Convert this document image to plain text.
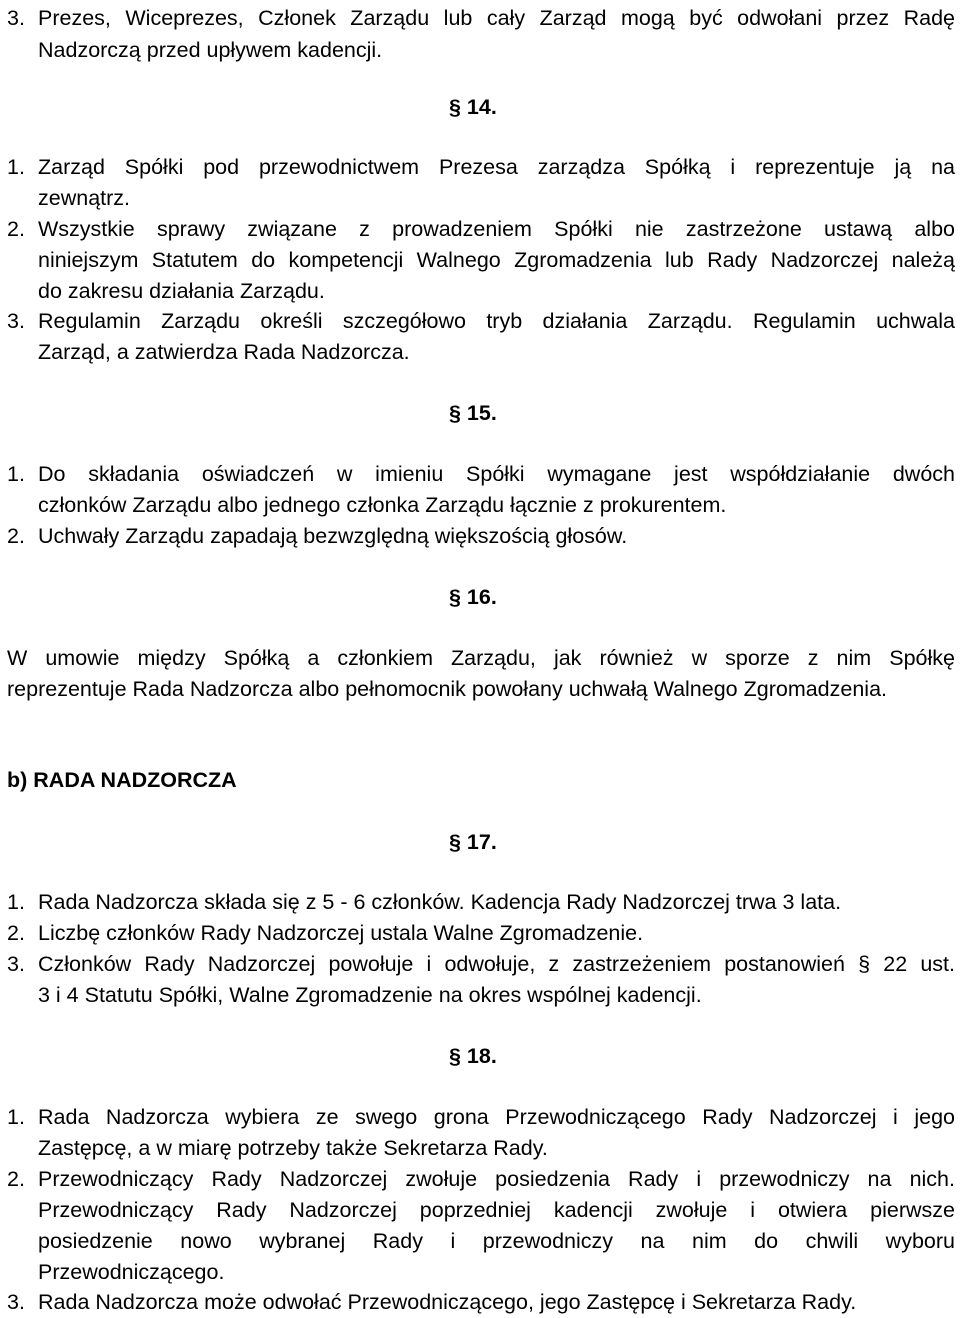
3. Prezes, Wiceprezes, Członek Zarządu lub cały Zarząd mogą być odwołani przez Radę
Nadzorczą przed upływem kadencji.
§ 14.
1. Zarząd Spółki pod przewodnictwem Prezesa zarządza Spółką i reprezentuje ją na
zewnątrz.
2. Wszystkie sprawy związane z prowadzeniem Spółki nie zastrzeżone ustawą albo
niniejszym Statutem do kompetencji Walnego Zgromadzenia lub Rady Nadzorczej należą
do zakresu działania Zarządu.
3. Regulamin Zarządu określi szczegółowo tryb działania Zarządu. Regulamin uchwala
Zarząd, a zatwierdza Rada Nadzorcza.
§ 15.
1. Do składania oświadczeń w imieniu Spółki wymagane jest współdziałanie dwóch
członków Zarządu albo jednego członka Zarządu łącznie z prokurentem.
2. Uchwały Zarządu zapadają bezwzględną większością głosów.
§ 16.
W umowie między Spółką a członkiem Zarządu, jak również w sporze z nim Spółkę
reprezentuje Rada Nadzorcza albo pełnomocnik powołany uchwałą Walnego Zgromadzenia.
b) RADA NADZORCZA
§ 17.
1. Rada Nadzorcza składa się z 5 - 6 członków. Kadencja Rady Nadzorczej trwa 3 lata.
2. Liczbę członków Rady Nadzorczej ustala Walne Zgromadzenie.
3. Członków Rady Nadzorczej powołuje i odwołuje, z zastrzeżeniem postanowień § 22 ust.
3 i 4 Statutu Spółki, Walne Zgromadzenie na okres wspólnej kadencji.
§ 18.
1. Rada Nadzorcza wybiera ze swego grona Przewodniczącego Rady Nadzorczej i jego
Zastępcę, a w miarę potrzeby także Sekretarza Rady.
2. Przewodniczący Rady Nadzorczej zwołuje posiedzenia Rady i przewodniczy na nich.
Przewodniczący Rady Nadzorczej poprzedniej kadencji zwołuje i otwiera pierwsze
posiedzenie nowo wybranej Rady i przewodniczy na nim do chwili wyboru
Przewodniczącego.
3. Rada Nadzorcza może odwołać Przewodniczącego, jego Zastępcę i Sekretarza Rady.
